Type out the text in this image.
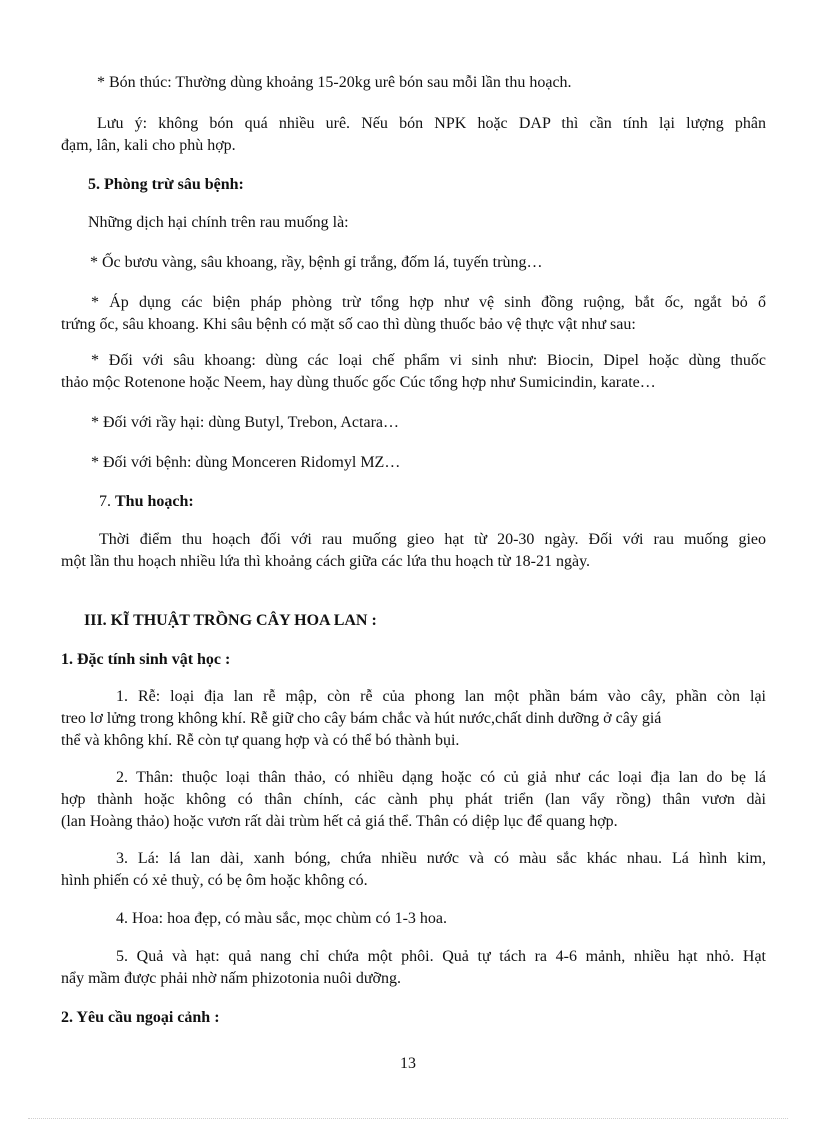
* Bón thúc: Thường dùng khoảng 15-20kg urê bón sau mỗi lần thu hoạch.

Lưu ý: không bón quá nhiều urê. Nếu bón NPK hoặc DAP thì cần tính lại lượng phân

đạm, lân, kali cho phù hợp.

5. Phòng trừ sâu bệnh:

Những dịch hại chính trên rau muống là:

* Ốc bươu vàng, sâu khoang, rầy, bệnh gỉ trắng, đốm lá, tuyến trùng…

* Áp dụng các biện pháp phòng trừ tổng hợp như vệ sinh đồng ruộng, bắt ốc, ngắt bỏ ổ

trứng ốc, sâu khoang. Khi sâu bệnh có mặt số cao thì dùng thuốc bảo vệ thực vật như sau:

* Đối với sâu khoang: dùng các loại chế phẩm vi sinh như: Biocin, Dipel hoặc dùng thuốc

thảo mộc Rotenone hoặc Neem, hay dùng thuốc gốc Cúc tổng hợp như Sumicindin, karate…

* Đối với rầy hại: dùng Butyl, Trebon, Actara…

* Đối với bệnh: dùng Monceren Ridomyl MZ…

7. Thu hoạch:

Thời điểm thu hoạch đối với rau muống gieo hạt từ 20-30 ngày. Đối với rau muống gieo

một lần thu hoạch nhiều lứa thì khoảng cách giữa các lứa thu hoạch từ 18-21 ngày.

III. KĨ THUẬT TRỒNG CÂY HOA LAN :

1. Đặc tính sinh vật học :

1. Rễ: loại địa lan rễ mập, còn rễ của phong lan một phần bám vào cây, phần còn lại

treo lơ lửng trong không khí. Rễ giữ cho cây bám chắc và hút nước,chất dinh dưỡng ở cây giá

thể và không khí. Rễ còn tự quang hợp và có thể bó thành bụi.

2. Thân: thuộc loại thân thảo, có nhiều dạng hoặc có củ giả như các loại địa lan do bẹ lá

hợp thành hoặc không có thân chính, các cành phụ phát triển (lan vẩy rồng) thân vươn dài

(lan Hoàng thảo) hoặc vươn rất dài trùm hết cả giá thể. Thân có diệp lục để quang hợp.

3. Lá: lá lan dài, xanh bóng, chứa nhiều nước và có màu sắc khác nhau. Lá hình kim,

hình phiến có xẻ thuỳ, có bẹ ôm hoặc không có.

4. Hoa: hoa đẹp, có màu sắc, mọc chùm có 1-3 hoa.

5. Quả và hạt: quả nang chỉ chứa một phôi. Quả tự tách ra 4-6 mảnh, nhiều hạt nhỏ. Hạt

nẩy mầm được phải nhờ nấm phizotonia nuôi dưỡng.

2. Yêu cầu ngoại cảnh :

13
